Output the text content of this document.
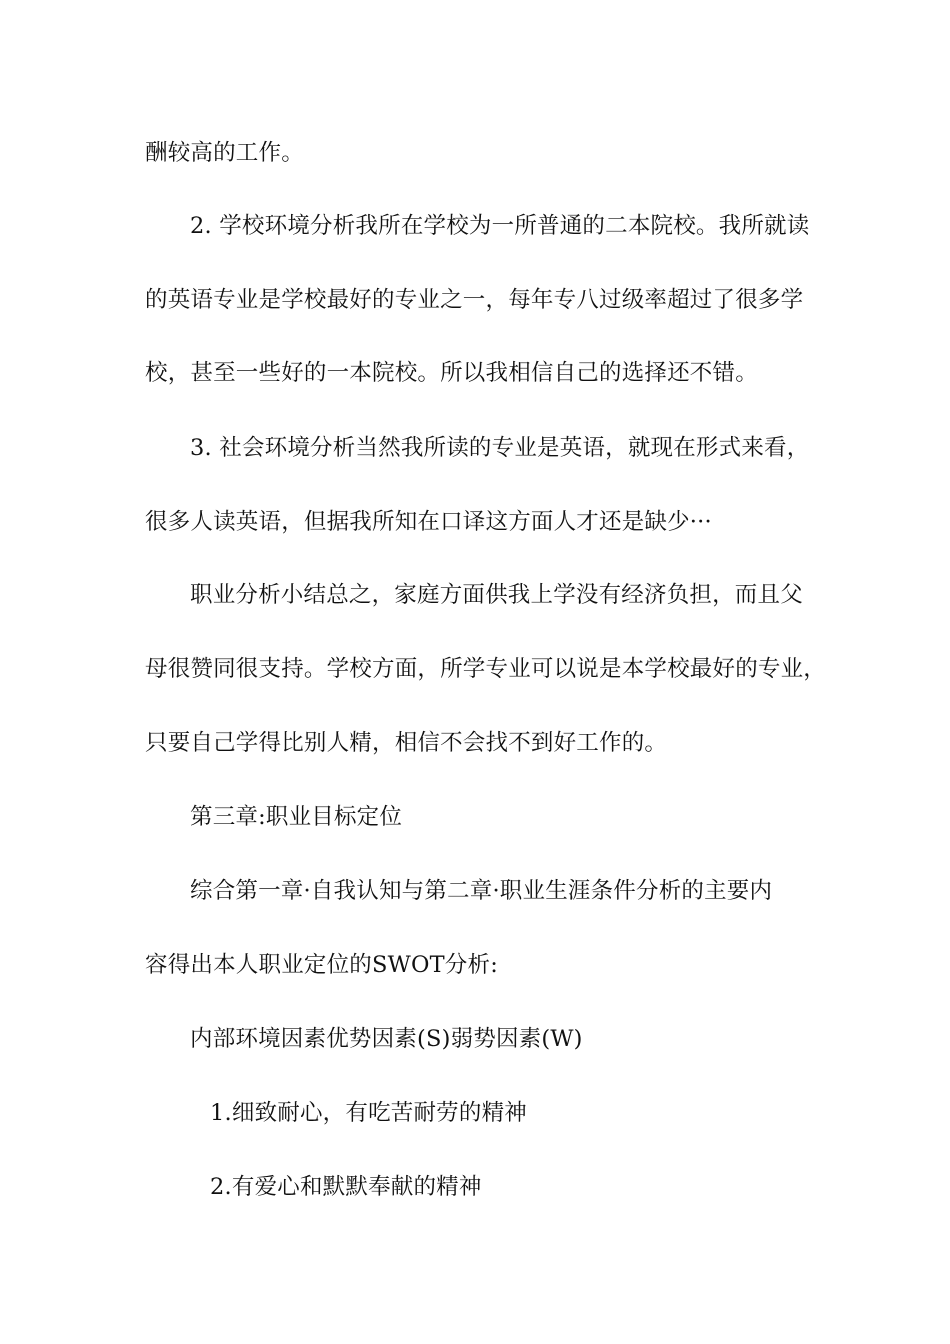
酬较高的工作。
2. 学校环境分析我所在学校为一所普通的二本院校。我所就读
的英语专业是学校最好的专业之一，每年专八过级率超过了很多学
校，甚至一些好的一本院校。所以我相信自己的选择还不错。
3. 社会环境分析当然我所读的专业是英语，就现在形式来看，
很多人读英语，但据我所知在口译这方面人才还是缺少···
职业分析小结总之，家庭方面供我上学没有经济负担，而且父
母很赞同很支持。学校方面，所学专业可以说是本学校最好的专业，
只要自己学得比别人精，相信不会找不到好工作的。
第三章:职业目标定位
综合第一章·自我认知与第二章·职业生涯条件分析的主要内
容得出本人职业定位的SWOT分析:
内部环境因素优势因素(S)弱势因素(W)
1.细致耐心，有吃苦耐劳的精神
2.有爱心和默默奉献的精神
